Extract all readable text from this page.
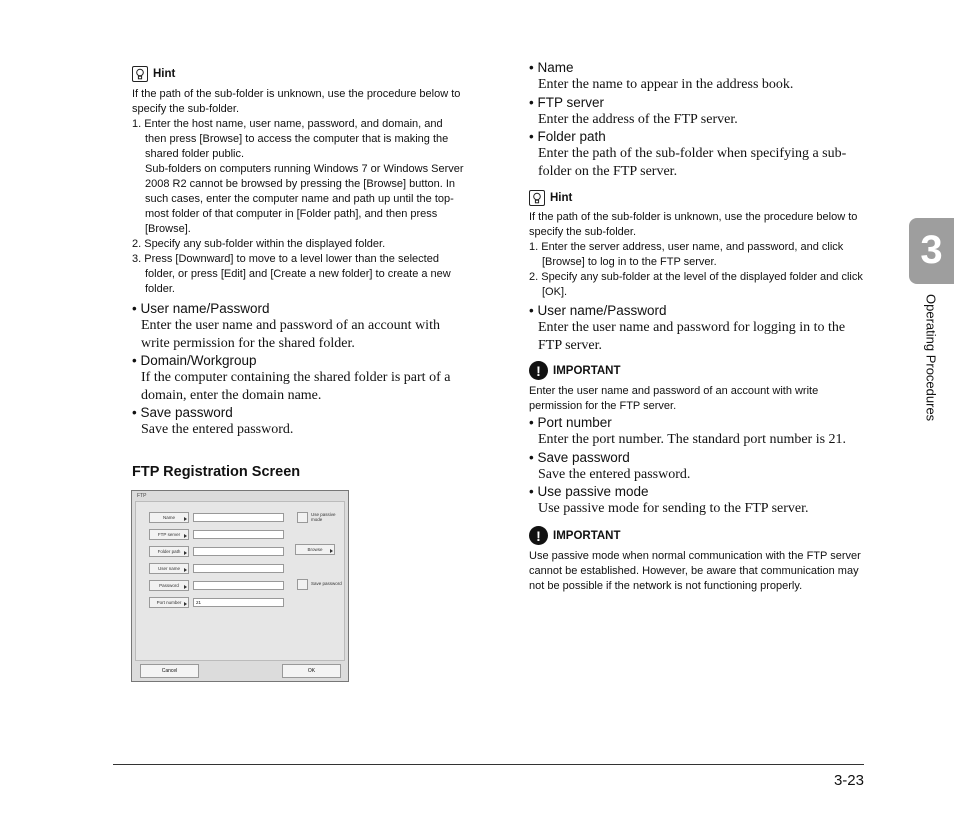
Hint
If the path of the sub-folder is unknown, use the procedure below to specify the sub-folder.
1. Enter the host name, user name, password, and domain, and then press [Browse] to access the computer that is making the shared folder public.
Sub-folders on computers running Windows 7 or Windows Server 2008 R2 cannot be browsed by pressing the [Browse] button. In such cases, enter the computer name and path up until the top-most folder of that computer in [Folder path], and then press [Browse].
2. Specify any sub-folder within the displayed folder.
3. Press [Downward] to move to a level lower than the selected folder, or press [Edit] and [Create a new folder] to create a new folder.
• User name/Password
Enter the user name and password of an account with write permission for the shared folder.
• Domain/Workgroup
If the computer containing the shared folder is part of a domain, enter the domain name.
• Save password
Save the entered password.
FTP Registration Screen
FTP
Name
FTP server
Folder path
User name
Password
Port number	21
Use passive mode
Browse
Save password
Cancel	OK
• Name
Enter the name to appear in the address book.
• FTP server
Enter the address of the FTP server.
• Folder path
Enter the path of the sub-folder when specifying a sub-folder on the FTP server.
Hint
If the path of the sub-folder is unknown, use the procedure below to specify the sub-folder.
1. Enter the server address, user name, and password, and click [Browse] to log in to the FTP server.
2. Specify any sub-folder at the level of the displayed folder and click [OK].
• User name/Password
Enter the user name and password for logging in to the FTP server.
!	IMPORTANT
Enter the user name and password of an account with write permission for the FTP server.
• Port number
Enter the port number. The standard port number is 21.
• Save password
Save the entered password.
• Use passive mode
Use passive mode for sending to the FTP server.
!	IMPORTANT
Use passive mode when normal communication with the FTP server cannot be established. However, be aware that communication may not be possible if the network is not functioning properly.
3
Operating Procedures
3-23
